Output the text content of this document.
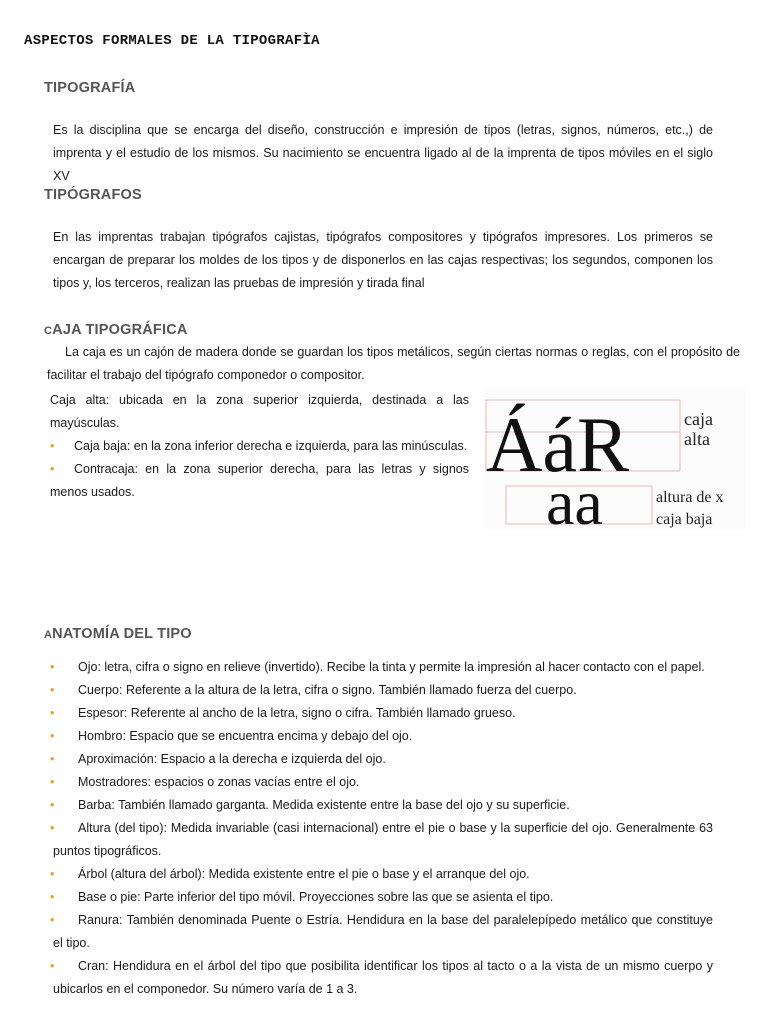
ASPECTOS FORMALES DE LA TIPOGRAFÌA
TIPOGRAFÍA
Es la disciplina que se encarga del diseño, construcción e impresión de tipos (letras, signos, números, etc.,) de imprenta y el estudio de los mismos. Su nacimiento se encuentra ligado al de la imprenta de tipos móviles en el siglo XV
TIPÓGRAFOS
En las imprentas trabajan tipógrafos cajistas, tipógrafos compositores y tipógrafos impresores. Los primeros se encargan de preparar los moldes de los tipos y de disponerlos en las cajas respectivas; los segundos, componen los tipos y, los terceros, realizan las pruebas de impresión y tirada final
CAJA TIPOGRÁFICA
La caja es un cajón de madera donde se guardan los tipos metálicos, según ciertas normas o reglas, con el propósito de facilitar el trabajo del tipógrafo componedor o compositor.

Caja alta: ubicada en la zona superior izquierda, destinada a las mayúsculas.

• Caja baja: en la zona inferior derecha e izquierda, para las minúsculas.

• Contracaja: en la zona superior derecha, para las letras y signos menos usados.

ÁáR
aa
caja
alta
altura de x
caja baja
ANATOMÍA DEL TIPO
•	Ojo: letra, cifra o signo en relieve (invertido). Recibe la tinta y permite la impresión al hacer contacto con el papel.
•	Cuerpo: Referente a la altura de la letra, cifra o signo. También llamado fuerza del cuerpo.
•	Espesor: Referente al ancho de la letra, signo o cifra. También llamado grueso.
•	Hombro: Espacio que se encuentra encima y debajo del ojo.
•	Aproximación: Espacio a la derecha e izquierda del ojo.
•	Mostradores: espacios o zonas vacías entre el ojo.
•	Barba: También llamado garganta. Medida existente entre la base del ojo y su superficie.
•	Altura (del tipo): Medida invariable (casi internacional) entre el pie o base y la superficie del ojo. Generalmente 63 puntos tipográficos.
•	Árbol (altura del árbol): Medida existente entre el pie o base y el arranque del ojo.
•	Base o pie: Parte inferior del tipo móvil. Proyecciones sobre las que se asienta el tipo.
•	Ranura: También denominada Puente o Estría. Hendidura en la base del paralelepípedo metálico que constituye el tipo.
•	Cran: Hendidura en el árbol del tipo que posibilita identificar los tipos al tacto o a la vista de un mismo cuerpo y ubicarlos en el componedor. Su número varía de 1 a 3.
